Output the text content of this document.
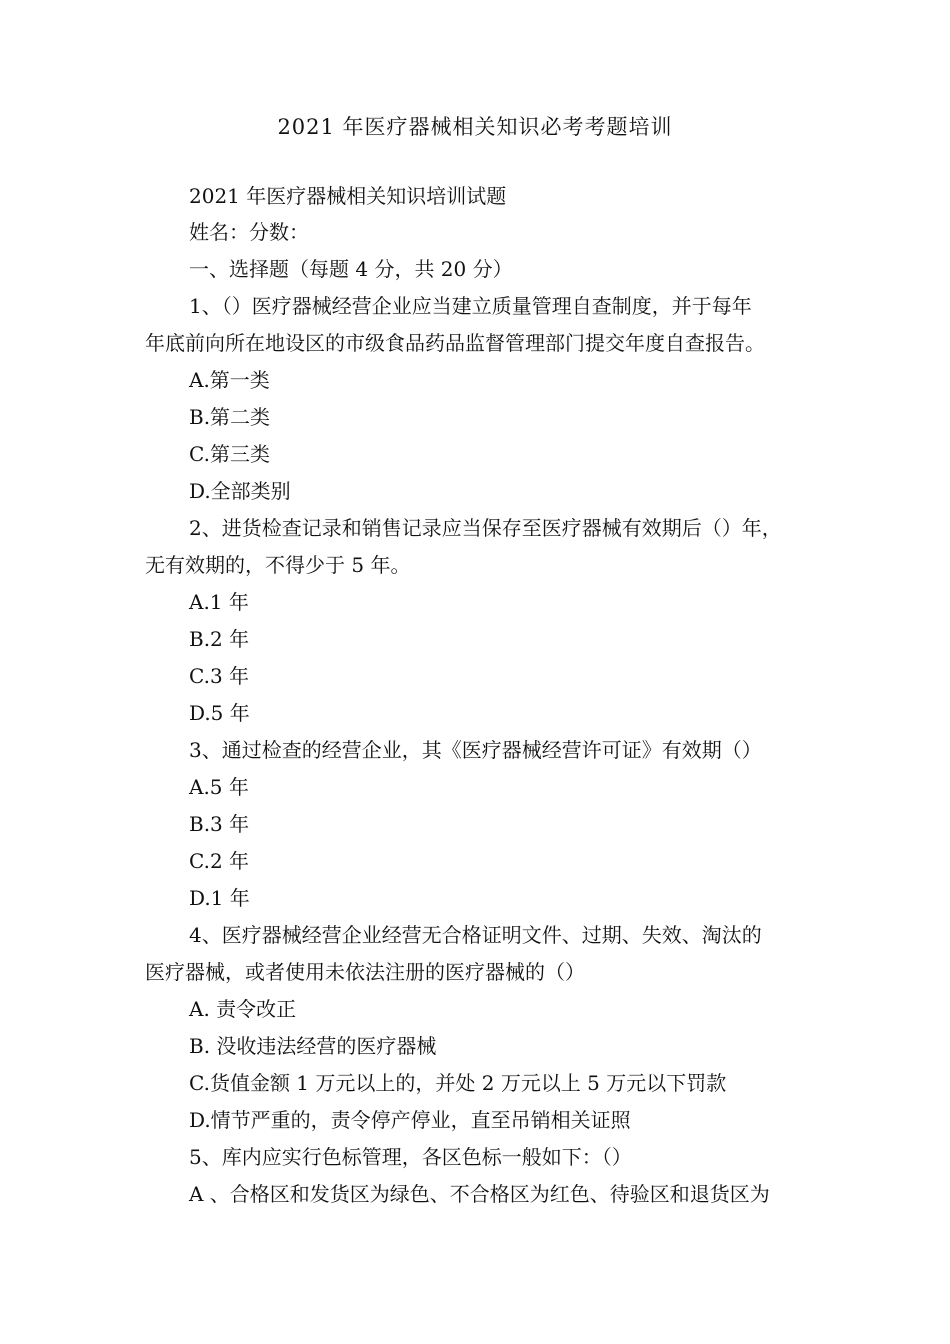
2021 年医疗器械相关知识必考考题培训
2021 年医疗器械相关知识培训试题
姓名：分数：
一、选择题（每题 4 分，共 20 分）
1、（）医疗器械经营企业应当建立质量管理自查制度，并于每年
年底前向所在地设区的市级食品药品监督管理部门提交年度自查报告。
A.第一类
B.第二类
C.第三类
D.全部类别
2、进货检查记录和销售记录应当保存至医疗器械有效期后（）年，
无有效期的，不得少于 5 年。
A.1 年
B.2 年
C.3 年
D.5 年
3、通过检查的经营企业，其《医疗器械经营许可证》有效期（）
A.5 年
B.3 年
C.2 年
D.1 年
4、医疗器械经营企业经营无合格证明文件、过期、失效、淘汰的
医疗器械，或者使用未依法注册的医疗器械的（）
A. 责令改正
B. 没收违法经营的医疗器械
C.货值金额 1 万元以上的，并处 2 万元以上 5 万元以下罚款
D.情节严重的，责令停产停业，直至吊销相关证照
5、库内应实行色标管理，各区色标一般如下：（）
A 、合格区和发货区为绿色、不合格区为红色、待验区和退货区为
